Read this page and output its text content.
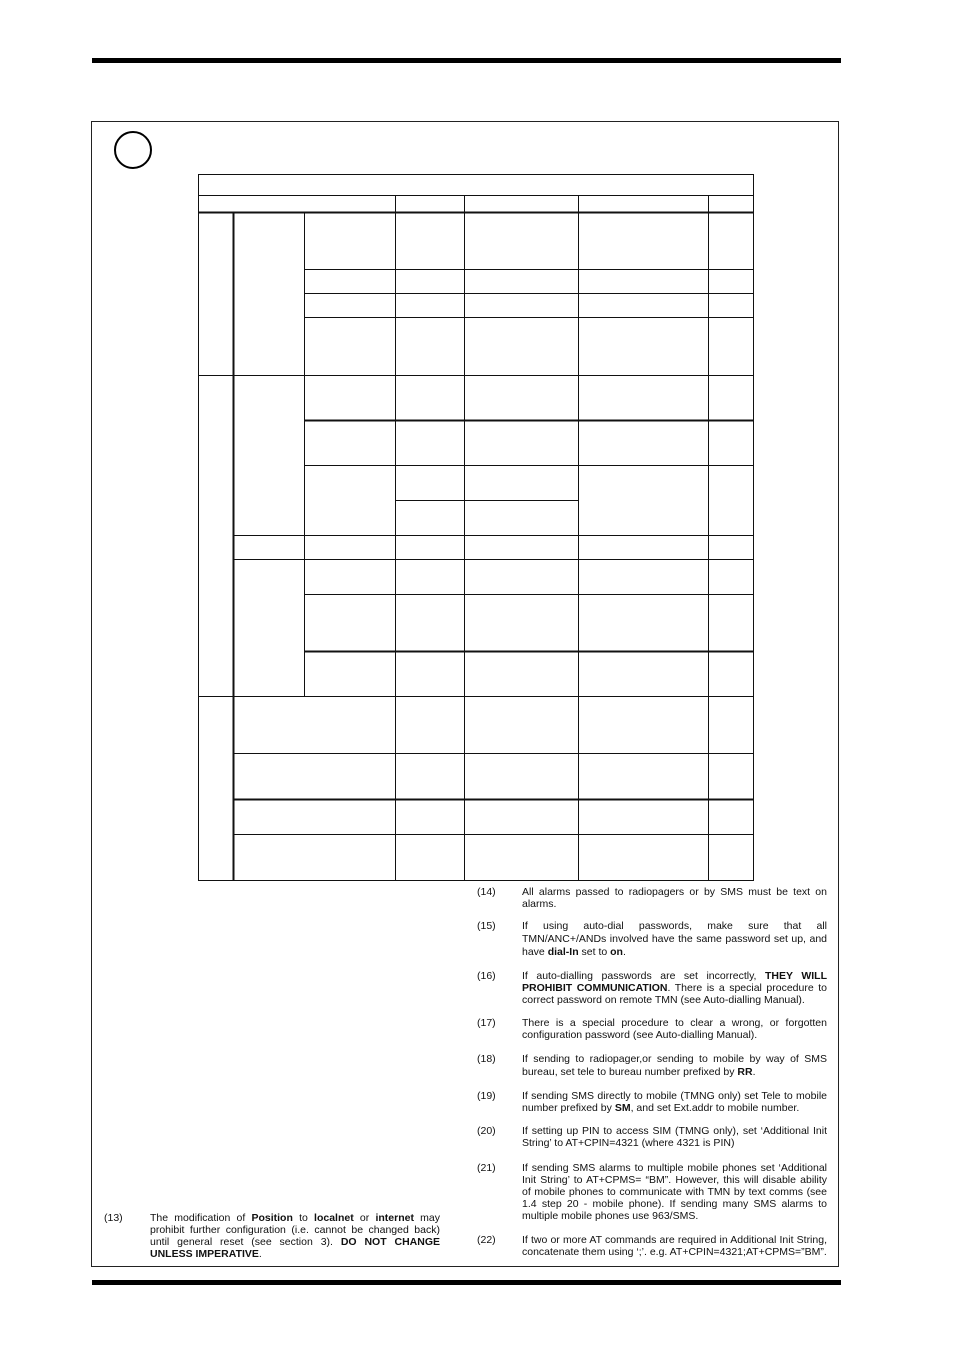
(13)	The modification of Position to localnet or internet may prohibit further configuration (i.e. cannot be changed back) until general reset (see section 3). DO NOT CHANGE UNLESS IMPERATIVE.
(14)	All alarms passed to radiopagers or by SMS must be text on alarms.
(15)	If using auto-dial passwords, make sure that all TMN/ANC+/ANDs involved have the same password set up, and have dial-In set to on.
(16)	If auto-dialling passwords are set incorrectly, THEY WILL PROHIBIT COMMUNICATION. There is a special procedure to correct password on remote TMN (see Auto-dialling Manual).
(17)	There is a special procedure to clear a wrong, or forgotten configuration password (see Auto-dialling Manual).
(18)	If sending to radiopager,or sending to mobile by way of SMS bureau, set tele to bureau number prefixed by RR.
(19)	If sending SMS directly to mobile (TMNG only) set Tele to mobile number prefixed by SM, and set Ext.addr to mobile number.
(20)	If setting up PIN to access SIM (TMNG only), set ‘Additional Init String’ to AT+CPIN=4321 (where 4321 is PIN)
(21)	If sending SMS alarms to multiple mobile phones set ‘Additional Init String’ to AT+CPMS= “BM”. However, this will disable ability of mobile phones to communicate with TMN by text comms (see 1.4 step 20 - mobile phone). If sending many SMS alarms to multiple mobile phones use 963/SMS.
(22)	If two or more AT commands are required in Additional Init String, concatenate them using ‘;’. e.g. AT+CPIN=4321;AT+CPMS=”BM”.
